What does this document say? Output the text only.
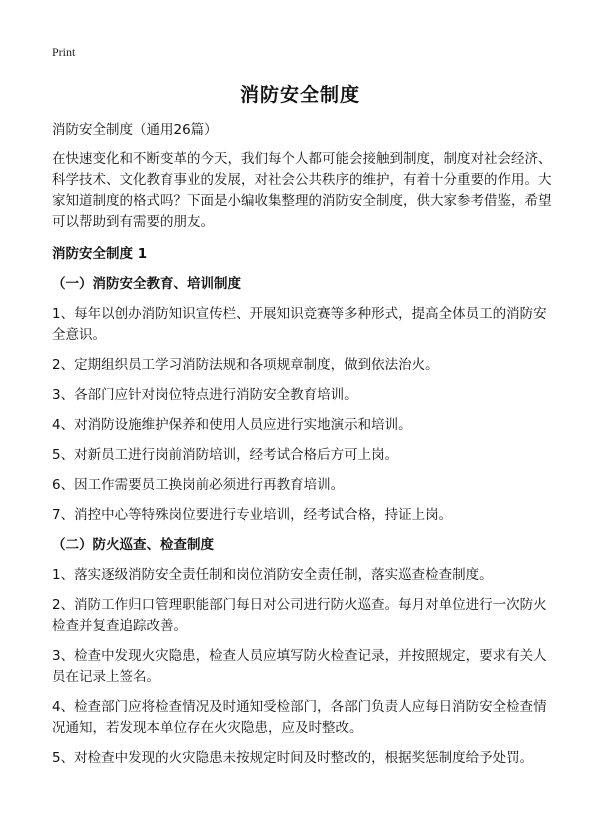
Print
消防安全制度

消防安全制度（通用26篇）

在快速变化和不断变革的今天，我们每个人都可能会接触到制度，制度对社会经济、科学技术、文化教育事业的发展，对社会公共秩序的维护，有着十分重要的作用。大家知道制度的格式吗？下面是小编收集整理的消防安全制度，供大家参考借鉴，希望可以帮助到有需要的朋友。

消防安全制度 1
（一）消防安全教育、培训制度

1、每年以创办消防知识宣传栏、开展知识竞赛等多种形式，提高全体员工的消防安全意识。

2、定期组织员工学习消防法规和各项规章制度，做到依法治火。

3、各部门应针对岗位特点进行消防安全教育培训。

4、对消防设施维护保养和使用人员应进行实地演示和培训。

5、对新员工进行岗前消防培训，经考试合格后方可上岗。

6、因工作需要员工换岗前必须进行再教育培训。

7、消控中心等特殊岗位要进行专业培训，经考试合格，持证上岗。

（二）防火巡查、检查制度

1、落实逐级消防安全责任制和岗位消防安全责任制，落实巡查检查制度。

2、消防工作归口管理职能部门每日对公司进行防火巡查。每月对单位进行一次防火检查并复查追踪改善。

3、检查中发现火灾隐患，检查人员应填写防火检查记录，并按照规定，要求有关人员在记录上签名。

4、检查部门应将检查情况及时通知受检部门，各部门负责人应每日消防安全检查情况通知，若发现本单位存在火灾隐患，应及时整改。

5、对检查中发现的火灾隐患未按规定时间及时整改的，根据奖惩制度给予处罚。
